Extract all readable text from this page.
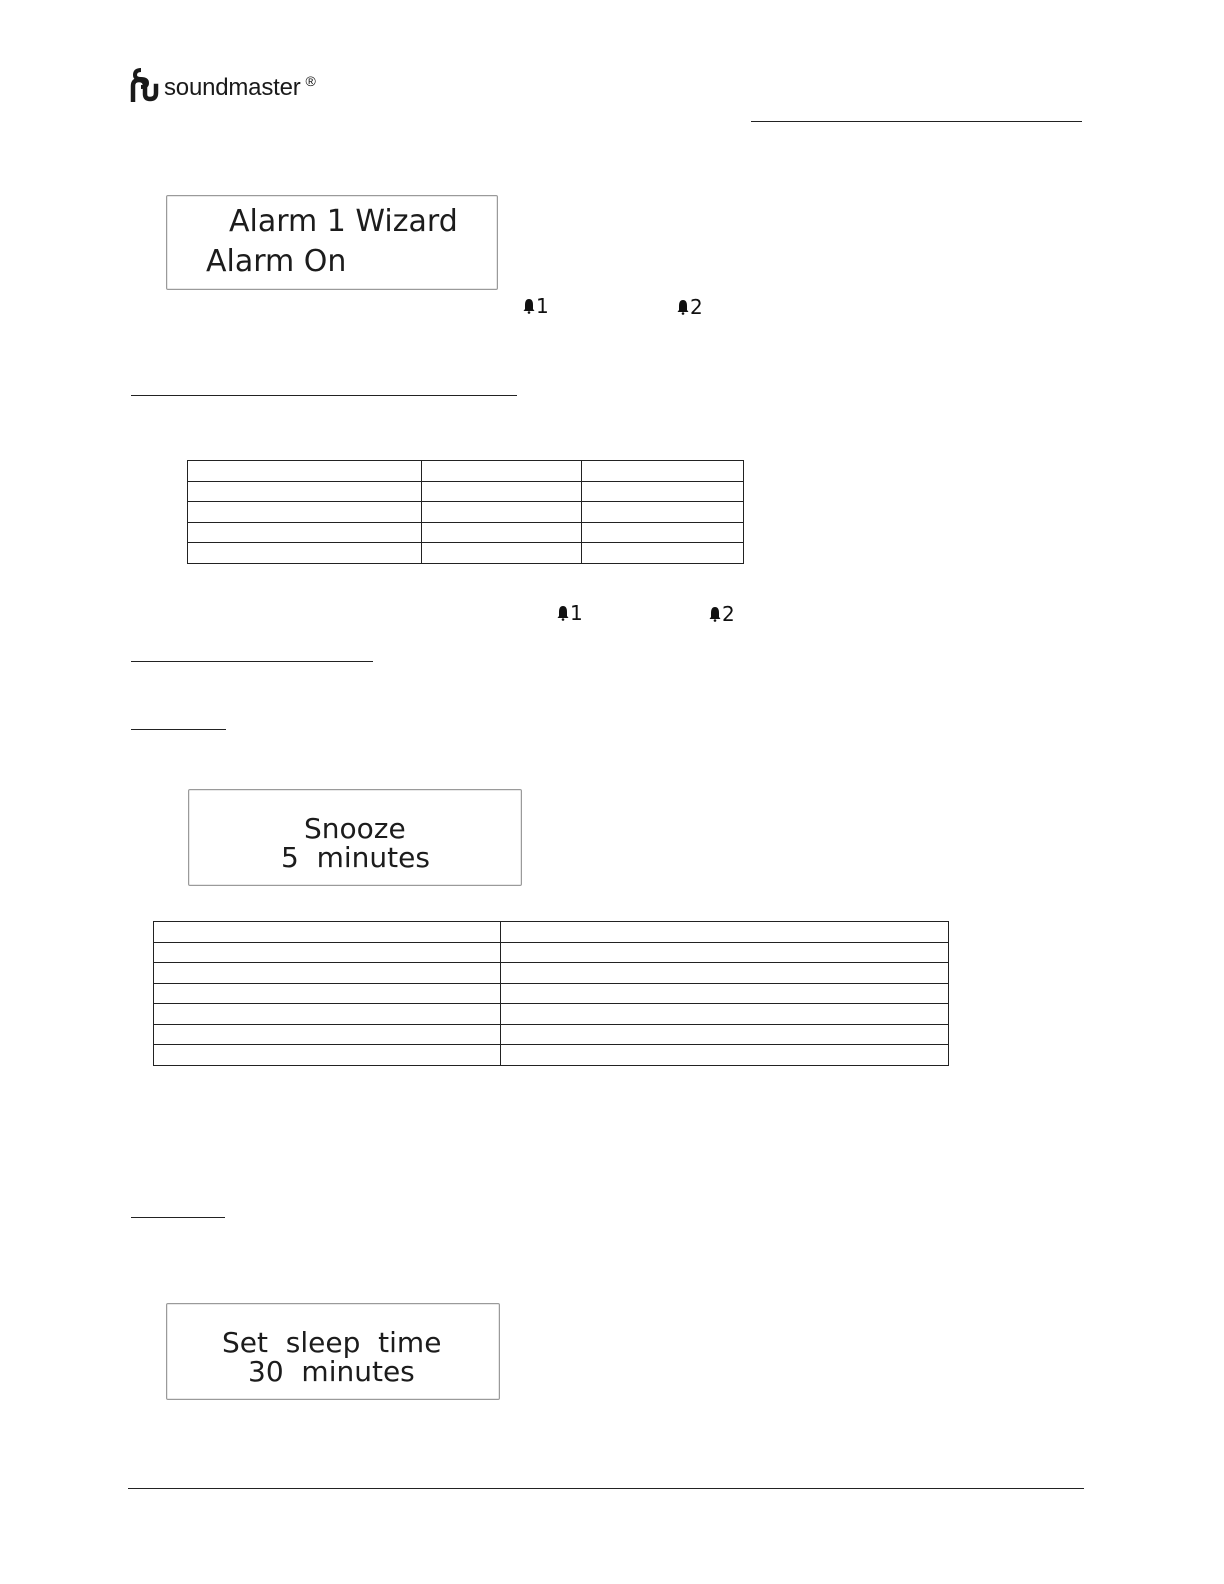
soundmaster ®
Alarm 1 Wizard
Alarm On
1	2

1	2
Snooze
5  minutes

Set  sleep  time
30  minutes
